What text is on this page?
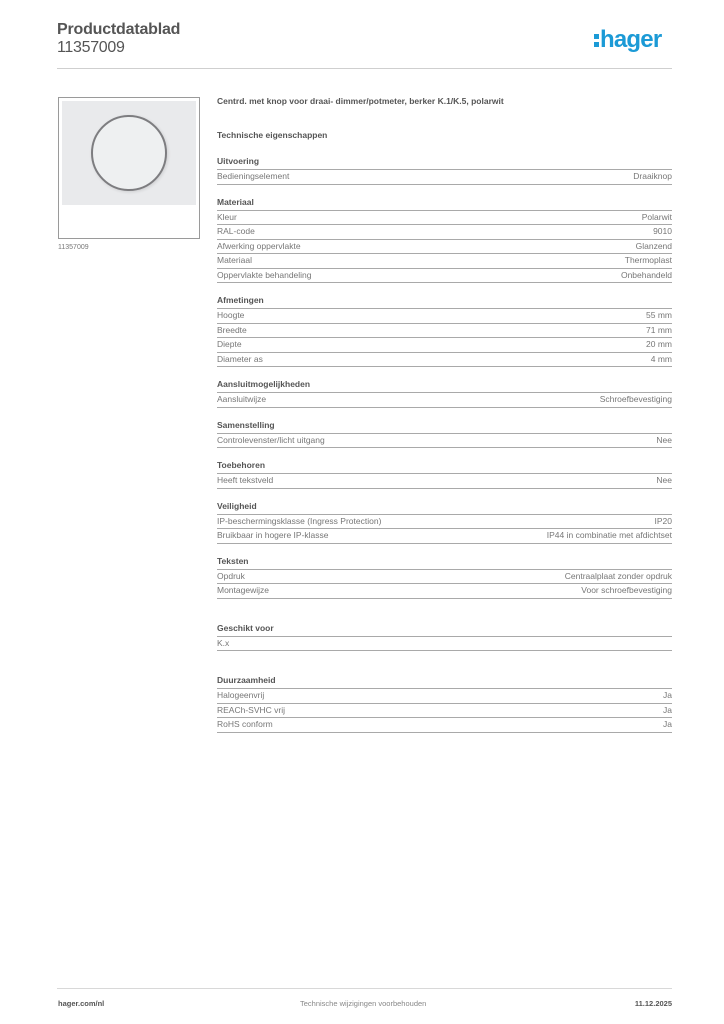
Productdatablad
11357009	hager
11357009
Centrd. met knop voor draai- dimmer/potmeter, berker K.1/K.5, polarwit
Technische eigenschappen
Uitvoering
Bedieningselement	Draaiknop
Materiaal
Kleur	Polarwit
RAL-code	9010
Afwerking oppervlakte	Glanzend
Materiaal	Thermoplast
Oppervlakte behandeling	Onbehandeld
Afmetingen
Hoogte	55 mm
Breedte	71 mm
Diepte	20 mm
Diameter as	4 mm
Aansluitmogelijkheden
Aansluitwijze	Schroefbevestiging
Samenstelling
Controlevenster/licht uitgang	Nee
Toebehoren
Heeft tekstveld	Nee
Veiligheid
IP-beschermingsklasse (Ingress Protection)	IP20
Bruikbaar in hogere IP-klasse	IP44 in combinatie met afdichtset
Teksten
Opdruk	Centraalplaat zonder opdruk
Montagewijze	Voor schroefbevestiging
Geschikt voor
K.x
Duurzaamheid
Halogeenvrij	Ja
REACh-SVHC vrij	Ja
RoHS conform	Ja
hager.com/nl	Technische wijzigingen voorbehouden	11.12.2025
